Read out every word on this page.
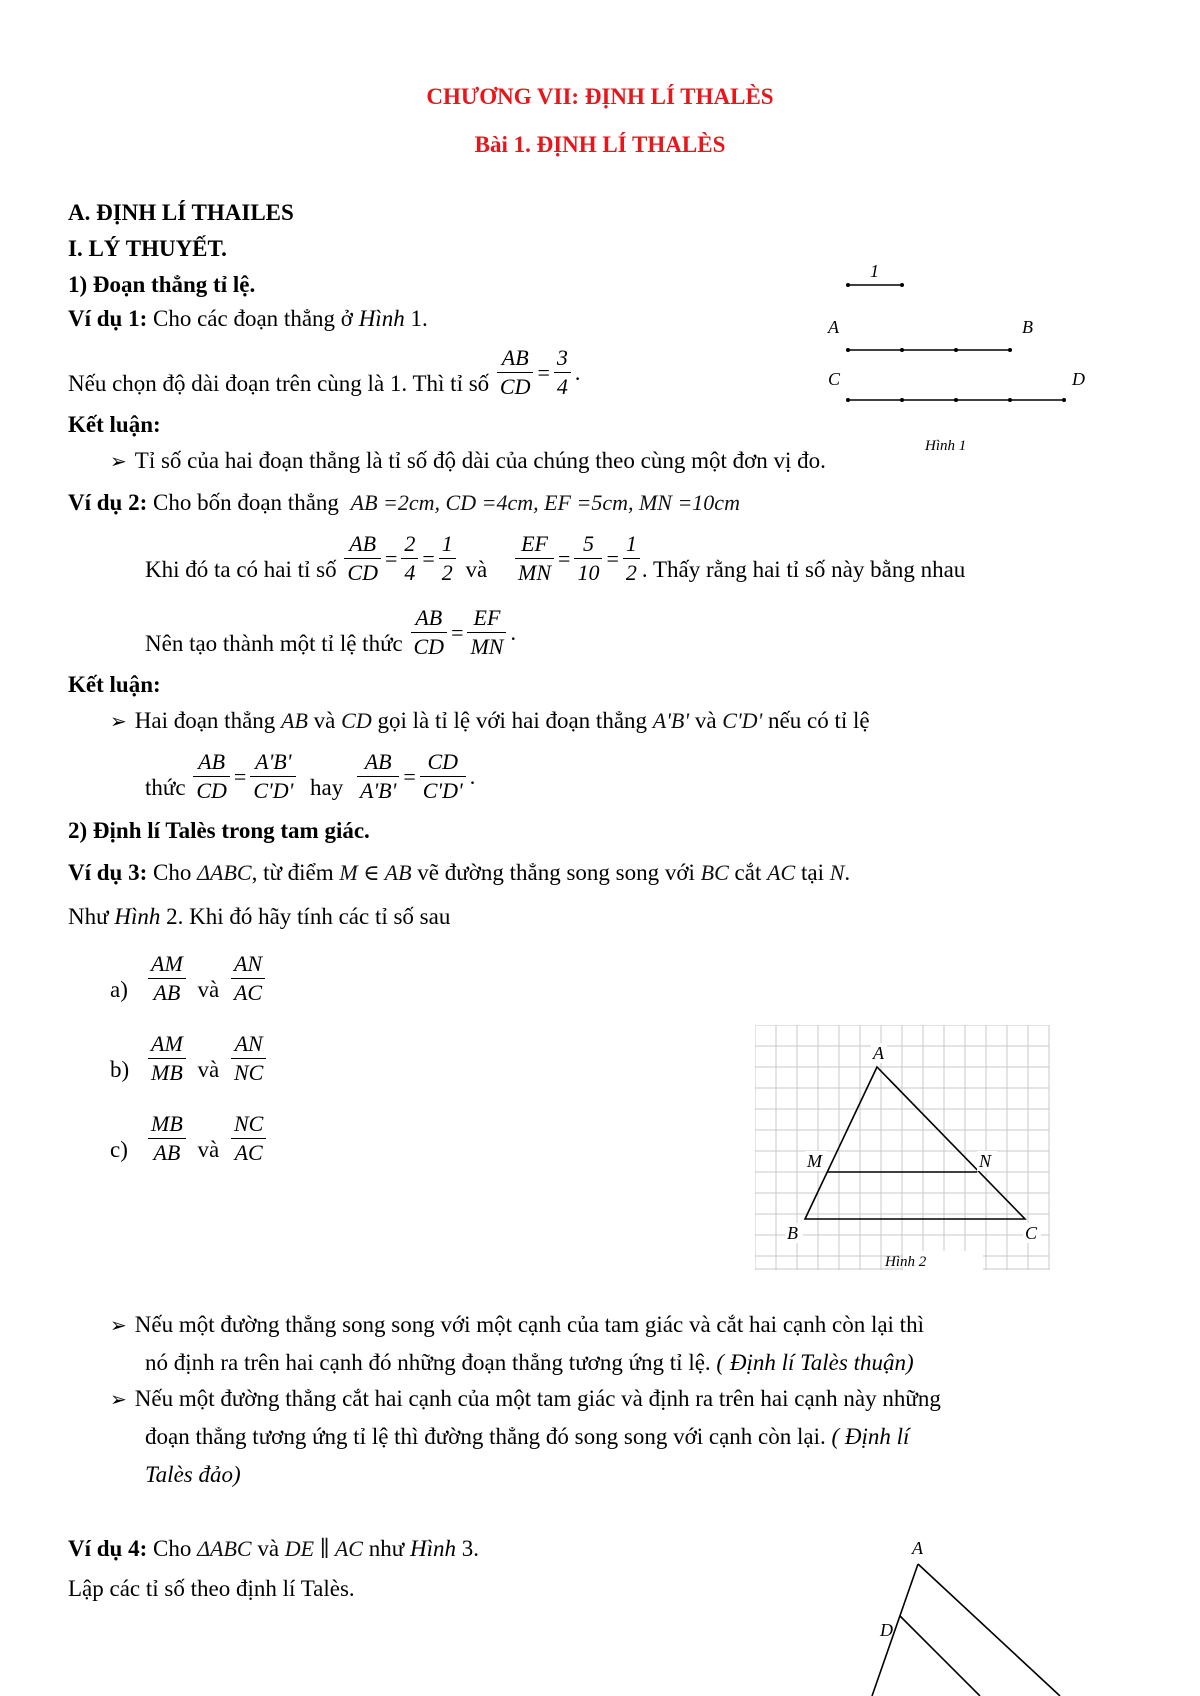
CHƯƠNG VII: ĐỊNH LÍ THALÈS
Bài 1. ĐỊNH LÍ THALÈS
A. ĐỊNH LÍ THAILES
I. LÝ THUYẾT.
1) Đoạn thẳng tỉ lệ.
Ví dụ 1: Cho các đoạn thẳng ở Hình 1.
Nếu chọn độ dài đoạn trên cùng là 1. Thì tỉ số $\frac{AB}{CD} = \frac{3}{4}$ .
1
A	B
C	D
Hình 1
Kết luận:
➢ Tỉ số của hai đoạn thẳng là tỉ số độ dài của chúng theo cùng một đơn vị đo.
Ví dụ 2: Cho bốn đoạn thẳng AB =2cm, CD =4cm, EF =5cm, MN =10cm
Khi đó ta có hai tỉ số $\frac{AB}{CD} = \frac{2}{4} = \frac{1}{2}$ và $\frac{EF}{MN} = \frac{5}{10} = \frac{1}{2}$ . Thấy rằng hai tỉ số này bằng nhau
Nên tạo thành một tỉ lệ thức $\frac{AB}{CD} = \frac{EF}{MN}$ .
Kết luận:
➢ Hai đoạn thẳng AB và CD gọi là tỉ lệ với hai đoạn thẳng A'B' và C'D' nếu có tỉ lệ
thức $\frac{AB}{CD} = \frac{A'B'}{C'D'}$ hay $\frac{AB}{A'B'} = \frac{CD}{C'D'}$ .
2) Định lí Talès trong tam giác.
Ví dụ 3: Cho ΔABC, từ điểm M ∈ AB vẽ đường thẳng song song với BC cắt AC tại N.
Như Hình 2. Khi đó hãy tính các tỉ số sau
$a) \frac{AM}{AB}$ và $\frac{AN}{AC}$
$b) \frac{AM}{MB}$ và $\frac{AN}{NC}$
$c) \frac{MB}{AB}$ và $\frac{NC}{AC}$
A
M	N
B	C
Hình 2
➢ Nếu một đường thẳng song song với một cạnh của tam giác và cắt hai cạnh còn lại thì
nó định ra trên hai cạnh đó những đoạn thẳng tương ứng tỉ lệ. ( Định lí Talès thuận)
➢ Nếu một đường thẳng cắt hai cạnh của một tam giác và định ra trên hai cạnh này những
đoạn thẳng tương ứng tỉ lệ thì đường thẳng đó song song với cạnh còn lại. ( Định lí
Talès đảo)
Ví dụ 4: Cho ΔABC và DE ∥ AC như Hình 3.
Lập các tỉ số theo định lí Talès.
A
D
